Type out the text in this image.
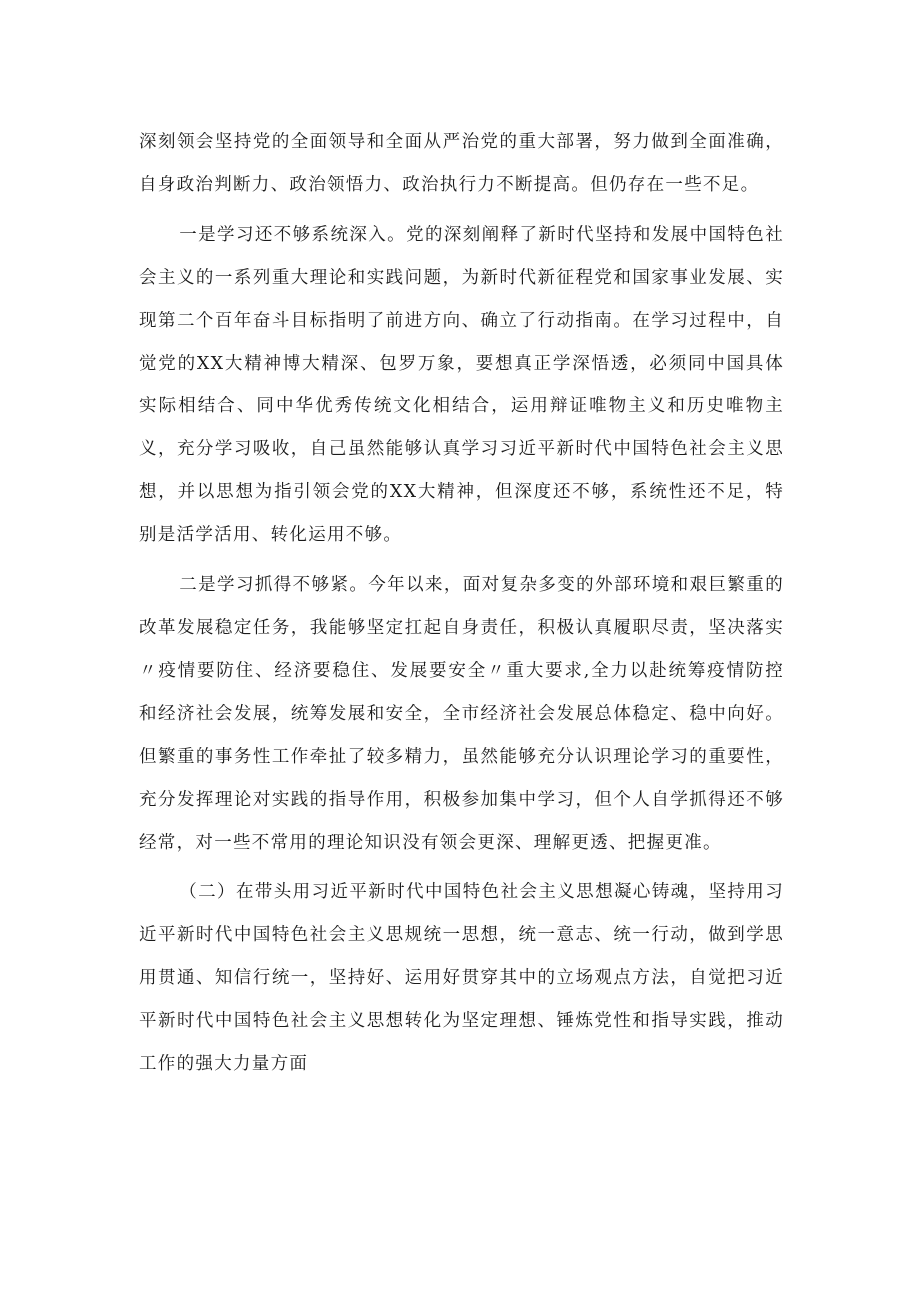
深刻领会坚持党的全面领导和全面从严治党的重大部署，努力做到全面准确，自身政治判断力、政治领悟力、政治执行力不断提高。但仍存在一些不足。

一是学习还不够系统深入。党的深刻阐释了新时代坚持和发展中国特色社会主义的一系列重大理论和实践问题，为新时代新征程党和国家事业发展、实现第二个百年奋斗目标指明了前进方向、确立了行动指南。在学习过程中，自觉党的XX大精神博大精深、包罗万象，要想真正学深悟透，必须同中国具体实际相结合、同中华优秀传统文化相结合，运用辩证唯物主义和历史唯物主义，充分学习吸收，自己虽然能够认真学习习近平新时代中国特色社会主义思想，并以思想为指引领会党的XX大精神，但深度还不够，系统性还不足，特别是活学活用、转化运用不够。

二是学习抓得不够紧。今年以来，面对复杂多变的外部环境和艰巨繁重的改革发展稳定任务，我能够坚定扛起自身责任，积极认真履职尽责，坚决落实〃疫情要防住、经济要稳住、发展要安全〃重大要求,全力以赴统筹疫情防控和经济社会发展，统筹发展和安全，全市经济社会发展总体稳定、稳中向好。但繁重的事务性工作牵扯了较多精力，虽然能够充分认识理论学习的重要性，充分发挥理论对实践的指导作用，积极参加集中学习，但个人自学抓得还不够经常，对一些不常用的理论知识没有领会更深、理解更透、把握更准。

（二）在带头用习近平新时代中国特色社会主义思想凝心铸魂，坚持用习近平新时代中国特色社会主义思规统一思想，统一意志、统一行动，做到学思用贯通、知信行统一，坚持好、运用好贯穿其中的立场观点方法，自觉把习近平新时代中国特色社会主义思想转化为坚定理想、锤炼党性和指导实践，推动工作的强大力量方面
